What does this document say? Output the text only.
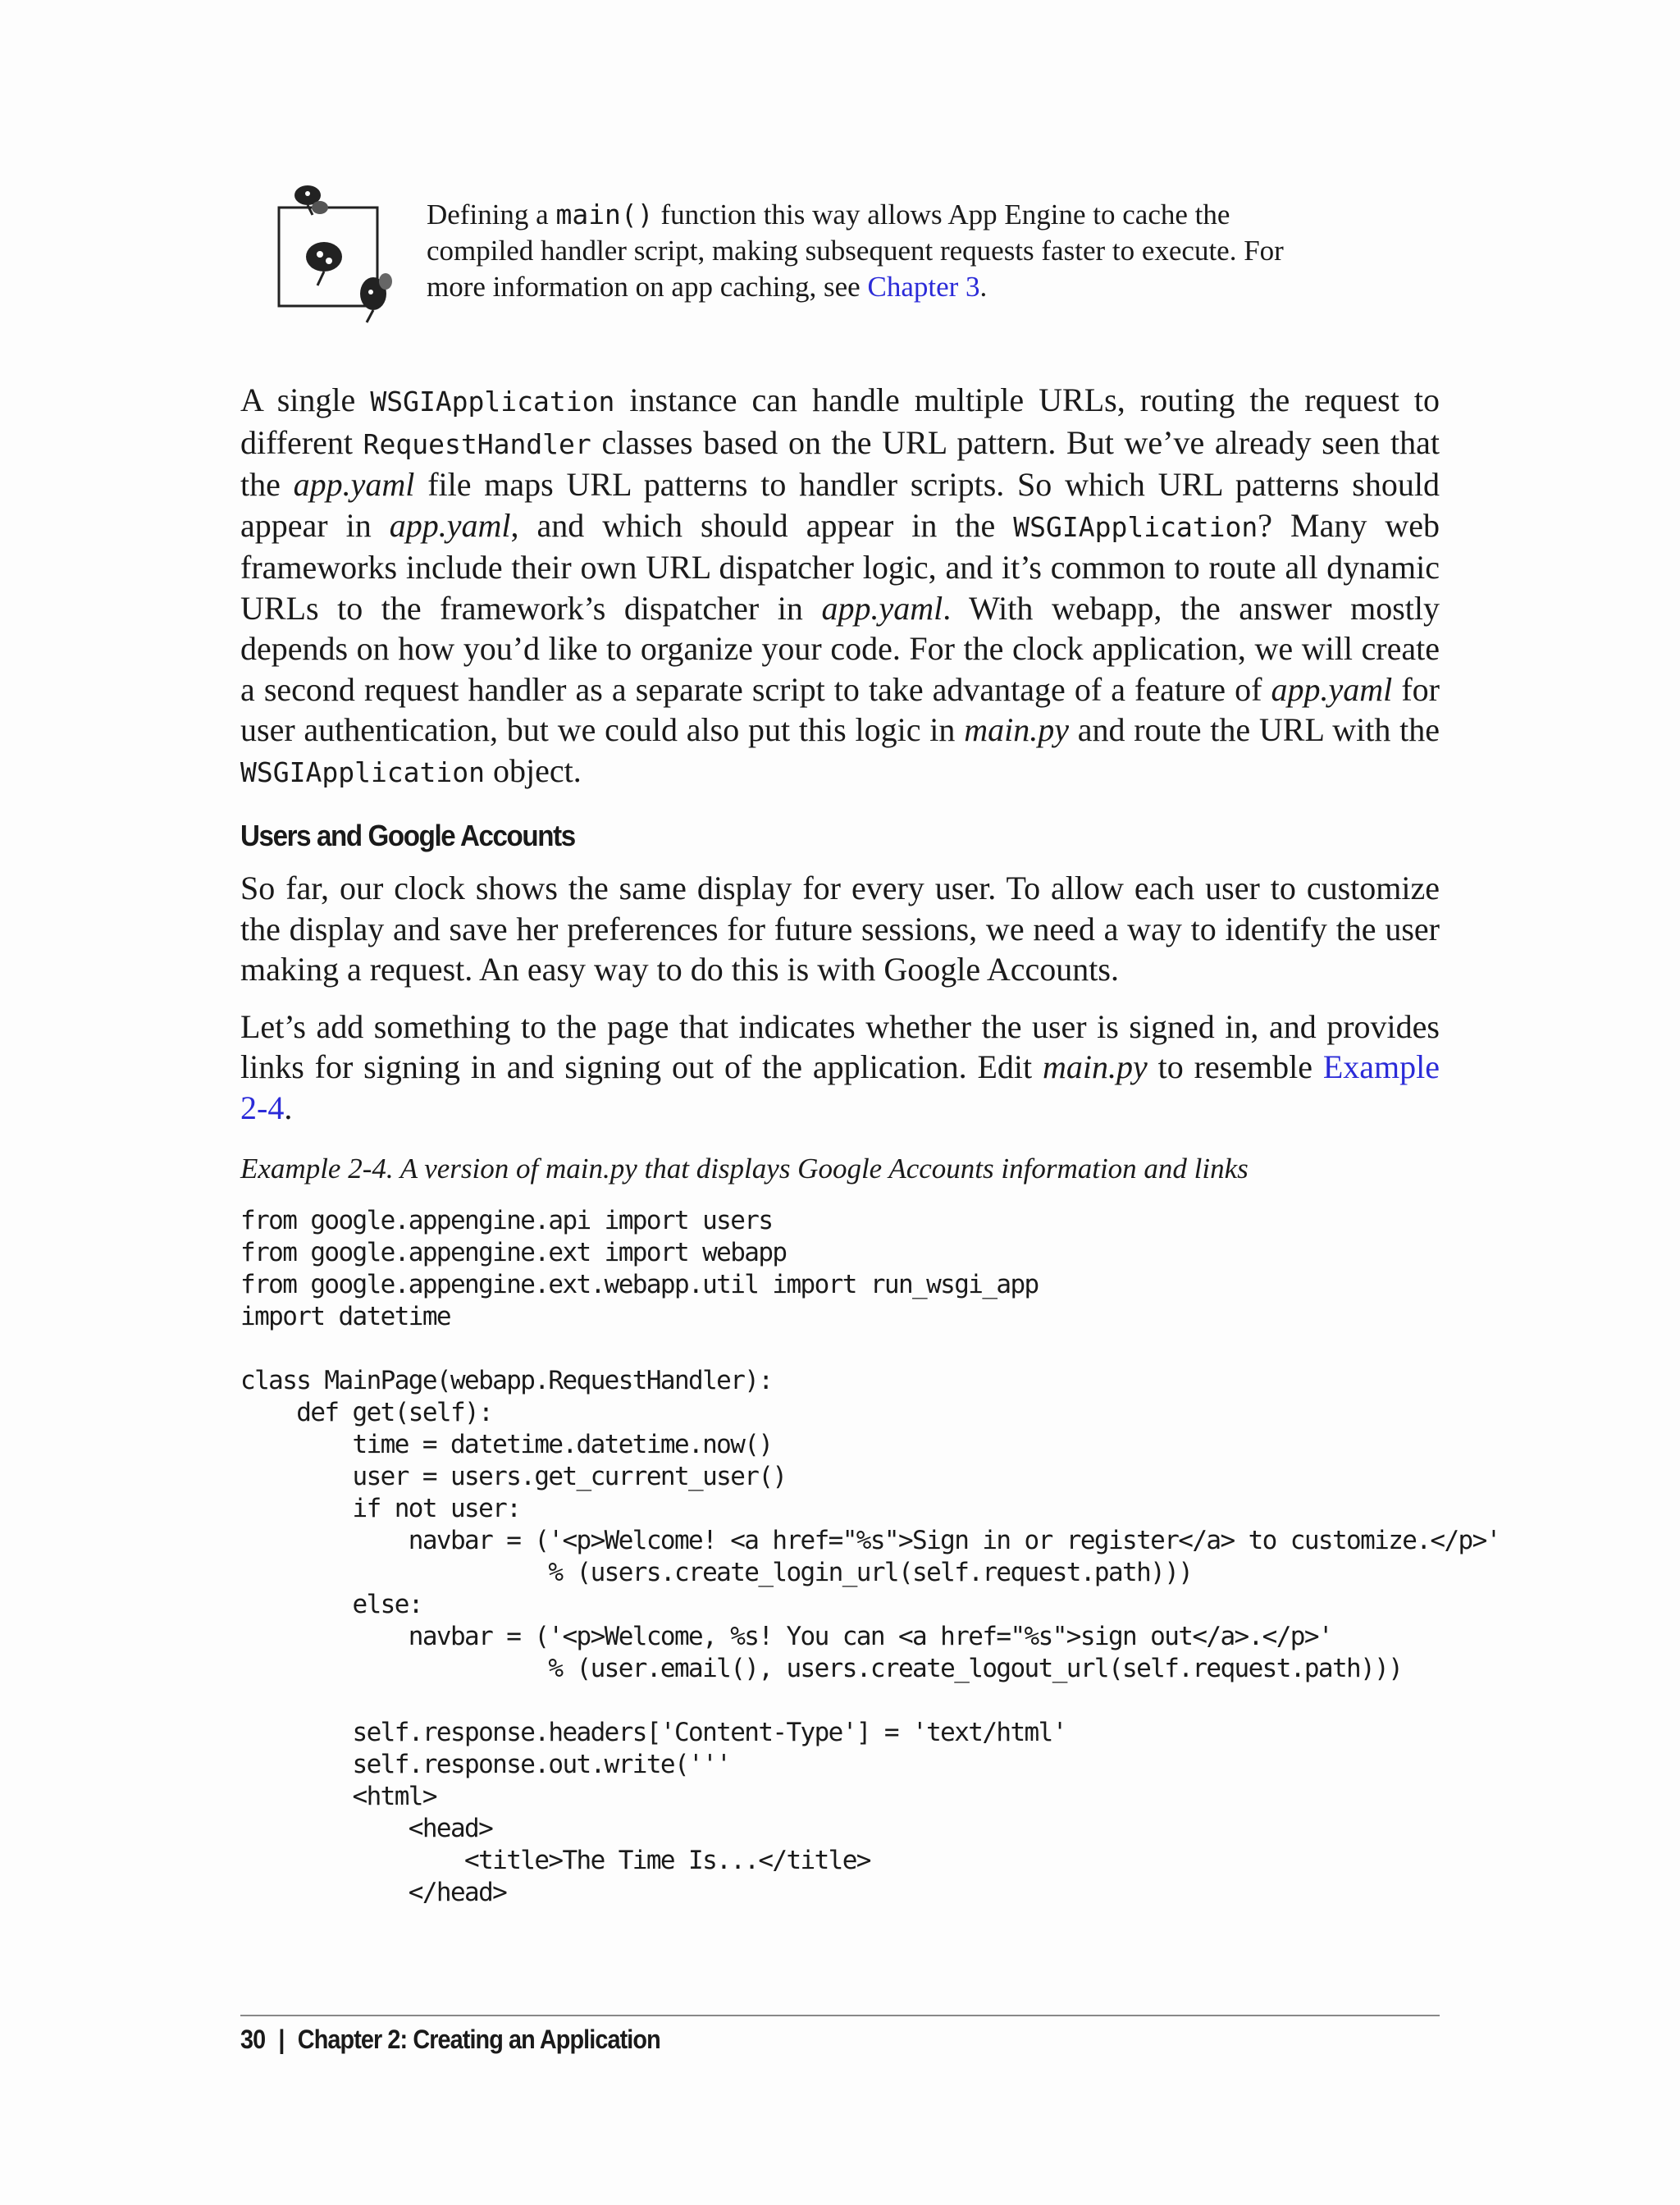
Defining a main() function this way allows App Engine to cache the compiled handler script, making subsequent requests faster to execute. For more information on app caching, see Chapter 3.

A single WSGIApplication instance can handle multiple URLs, routing the request to different RequestHandler classes based on the URL pattern. But we’ve already seen that the app.yaml file maps URL patterns to handler scripts. So which URL patterns should appear in app.yaml, and which should appear in the WSGIApplication? Many web frameworks include their own URL dispatcher logic, and it’s common to route all dynamic URLs to the framework’s dispatcher in app.yaml. With webapp, the answer mostly depends on how you’d like to organize your code. For the clock application, we will create a second request handler as a separate script to take advantage of a feature of app.yaml for user authentication, but we could also put this logic in main.py and route the URL with the WSGIApplication object.

Users and Google Accounts

So far, our clock shows the same display for every user. To allow each user to customize the display and save her preferences for future sessions, we need a way to identify the user making a request. An easy way to do this is with Google Accounts.

Let’s add something to the page that indicates whether the user is signed in, and provides links for signing in and signing out of the application. Edit main.py to resemble Example 2-4.

Example 2-4. A version of main.py that displays Google Accounts information and links
from google.appengine.api import users
from google.appengine.ext import webapp
from google.appengine.ext.webapp.util import run_wsgi_app
import datetime

class MainPage(webapp.RequestHandler):
def get(self):
time = datetime.datetime.now()
user = users.get_current_user()
if not user:
navbar = ('<p>Welcome! <a href="%s">Sign in or register</a> to customize.</p>'
% (users.create_login_url(self.request.path)))
else:
navbar = ('<p>Welcome, %s! You can <a href="%s">sign out</a>.</p>'
% (user.email(), users.create_logout_url(self.request.path)))

self.response.headers['Content-Type'] = 'text/html'
self.response.out.write('''
<html>
<head>
<title>The Time Is...</title>
</head>
30 | Chapter 2: Creating an Application
